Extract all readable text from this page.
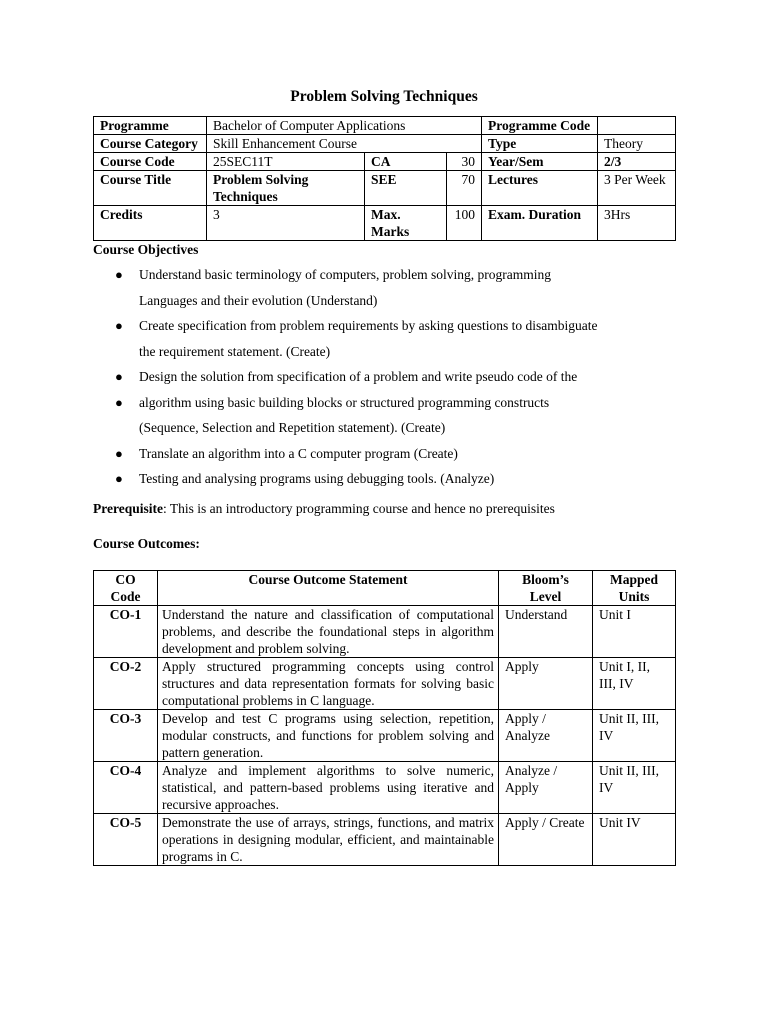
Problem Solving Techniques
Programme	Bachelor of Computer Applications			Programme Code	
Course Category	Skill Enhancement Course			Type	Theory
Course Code	25SEC11T	CA	30	Year/Sem	2/3
Course Title	Problem Solving Techniques	SEE	70	Lectures	3 Per Week
Credits	3	Max. Marks	100	Exam. Duration	3Hrs
Course Objectives
● Understand basic terminology of computers, problem solving, programming
Languages and their evolution (Understand)
● Create specification from problem requirements by asking questions to disambiguate
the requirement statement. (Create)
● Design the solution from specification of a problem and write pseudo code of the
● algorithm using basic building blocks or structured programming constructs
(Sequence, Selection and Repetition statement). (Create)
● Translate an algorithm into a C computer program (Create)
● Testing and analysing programs using debugging tools. (Analyze)
Prerequisite: This is an introductory programming course and hence no prerequisites
Course Outcomes:
CO Code	Course Outcome Statement	Bloom’s Level	Mapped Units
CO-1	Understand the nature and classification of computational problems, and describe the foundational steps in algorithm development and problem solving.	Understand	Unit I
CO-2	Apply structured programming concepts using control structures and data representation formats for solving basic computational problems in C language.	Apply	Unit I, II, III, IV
CO-3	Develop and test C programs using selection, repetition, modular constructs, and functions for problem solving and pattern generation.	Apply / Analyze	Unit II, III, IV
CO-4	Analyze and implement algorithms to solve numeric, statistical, and pattern-based problems using iterative and recursive approaches.	Analyze / Apply	Unit II, III, IV
CO-5	Demonstrate the use of arrays, strings, functions, and matrix operations in designing modular, efficient, and maintainable programs in C.	Apply / Create	Unit IV
